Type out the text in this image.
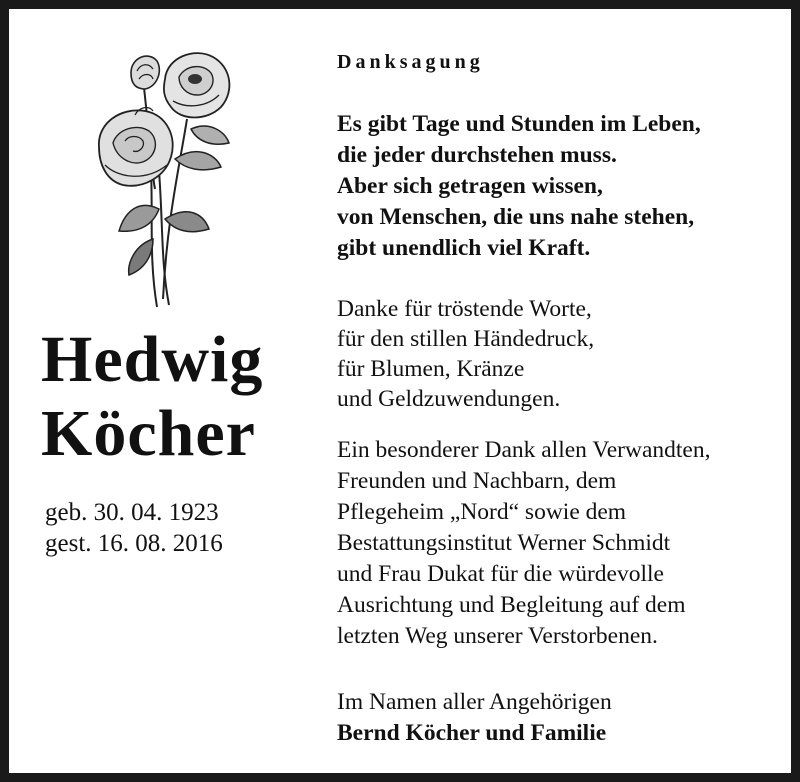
Hedwig
Köcher
geb. 30. 04. 1923
gest. 16. 08. 2016
Danksagung
Es gibt Tage und Stunden im Leben,
die jeder durchstehen muss.
Aber sich getragen wissen,
von Menschen, die uns nahe stehen,
gibt unendlich viel Kraft.
Danke für tröstende Worte,
für den stillen Händedruck,
für Blumen, Kränze
und Geldzuwendungen.
Ein besonderer Dank allen Verwandten,
Freunden und Nachbarn, dem
Pflegeheim „Nord“ sowie dem
Bestattungsinstitut Werner Schmidt
und Frau Dukat für die würdevolle
Ausrichtung und Begleitung auf dem
letzten Weg unserer Verstorbenen.
Im Namen aller Angehörigen
Bernd Köcher und Familie
